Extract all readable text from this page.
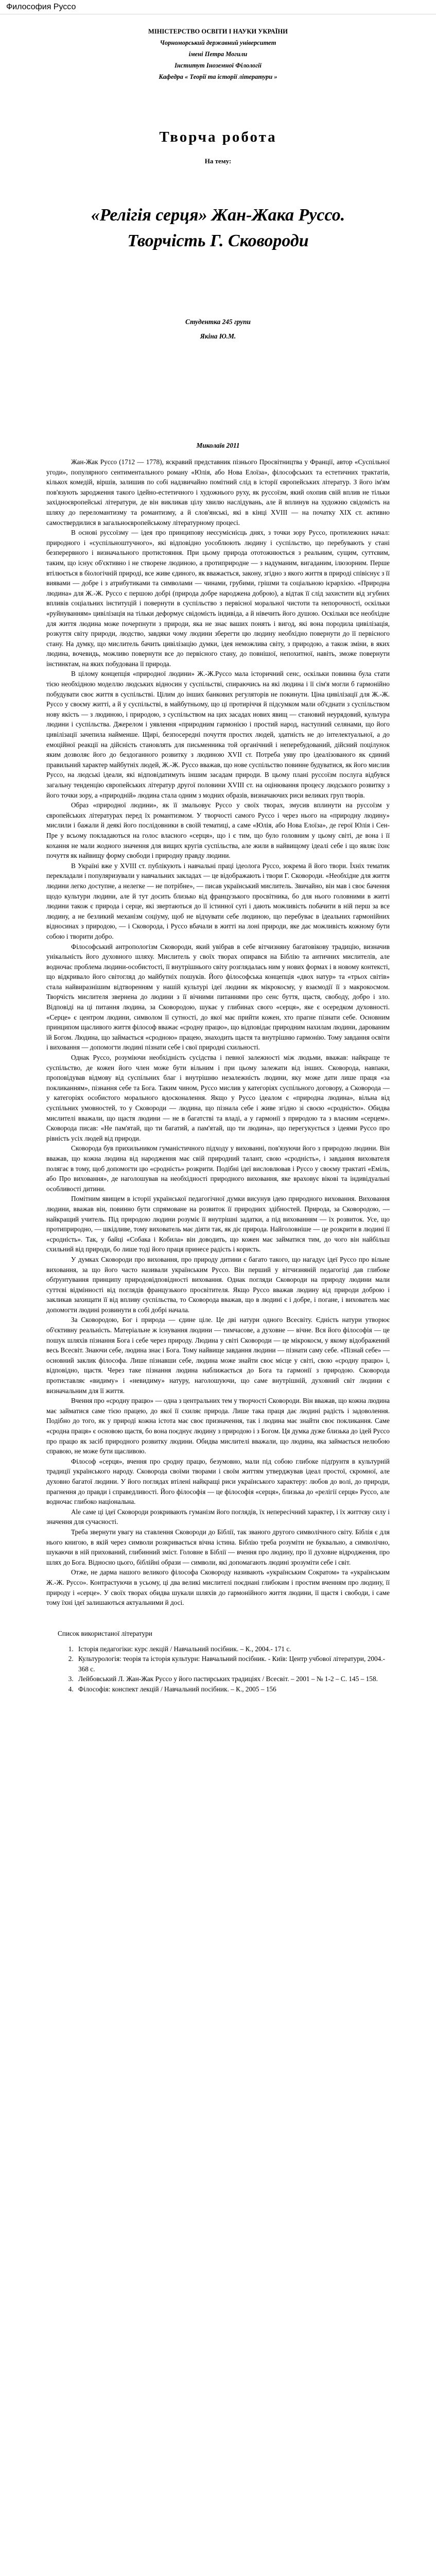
Философия Руссо
МІНІСТЕРСТВО ОСВІТИ І НАУКИ УКРАЇНИ
Чорноморський державний університет
імені Петра Могили
Інститут Іноземної Філології
Кафедра « Теорії та історії літератури »
Творча робота
На тему:
«Релігія серця» Жан-Жака Руссо.
Творчість Г. Сковороди
Студентка 245 групи
Якіна Ю.М.
Миколаїв 2011

Жан-Жак Руссо (1712 — 1778), яскравий представник пізнього Просвітництва у Франції, автор «Суспільної угоди», популярного сентиментального роману «Юлія, або Нова Елоїза», філософських та естетичних трактатів, кількох комедій, віршів, залишив по собі надзвичайно помітний слід в історії європейських літератур. З його ім'ям пов'язують зародження такого ідейно-естетичного і художнього руху, як руссоїзм, який охопив свій вплив не тільки західноєвропейські літератури, де він викликав цілу хвилю наслідувань, але й вплинув на художню свідомість на шляху до переломантизму та романтизму, а й слов'янські, які в кінці XVIII — на початку XIX ст. активно самоствердилися в загальноєвропейському літературному процесі.

В основі руссоїзму — ідея про принципову неєсуміснісць днях, з точки зору Руссо, протилежних начал: природного і «суспільноштучного», які відповідно уособлюють людину і суспільство, що перебувають у стані безперервного і визначального протистояння. При цьому природа ототожнюється з реальним, сущим, суттєвим, таким, що існує об'єктивно і не створене людиною, а протиприродне — з надуманим, вигаданим, ілюзорним. Перше втілюється в біологічній природі, все живе єдиного, як вважається, закону, згідно з якого життя в природі співіснує з її виявами — добре і з атрибутиками та символами — чинами, грубими, грішми та соціальною ієрархією. «Природна людина» для Ж.-Ж. Руссо є першою добрі (природа добре народжена доброю), а відтак її слід захистити від згубних впливів соціальних інституцій і повернути в суспільство з первісної моральної чистоти та непорочності, оскільки «руйнуванням» цивілізація на тільки деформує свідомість індивіда, а й нівечить його душою. Оскільки все необхідне для життя людина може почерпнути з природи, яка не знає ваших понять і вигод, які вона породила цивілізація, розкуття світу природи, людство, завдяки чому людини зберегти цю людину необхідно повернути до її первісного стану. На думку, що мислитель бачить цивілізацію думки, ідея неможлива світу, з природою, а також зміни, в яких людина, вочевидь, можливо повернути все до первісного стану, до повнішої, непохитної, навіть, зможе повернути інстинктам, на яких побудована її природа.

В цілому концепція «природної людини» Ж.-Ж.Руссо мала історичний сенс, оскільки повинна була стати тією необхідною моделлю людських відносин у суспільстві, спираючись на які людина і її сім'я могли б гармонійно побудувати своє життя в суспільстві. Цілим до інших банкових регуляторів не покинути. Ціна цивілізації для Ж.-Ж. Руссо у своєму житті, а й у суспільстві, в майбутньому, що ці протиріччя й підсумком мали об'єднати з суспільством нову якість — з людиною, і природою, з суспільством на цих засадах нових явищ — становий неурядовий, культура людини і суспільства. Джерелом і уявлення «природним гармонією і простий народ, наступний селянами, що його цивілізації зачепила найменше. Щирі, безпосередні почуття простих людей, здатність не до інтелектуальної, а до емоційної реакції на дійсність становлять для письменника той органічний і неперебудований, дійсний поцілунок яким дозволяє його до бездоганного розвитку з людиною ХVII ст. Потреба уяву про ідеалізованого як єдиний правильний характер майбутніх людей, Ж.-Ж. Руссо вважав, що нове суспільство повинне будуватися, як його мислив Руссо, на людські ідеали, які відповідатимуть іншим засадам природи. В цьому плані руссоїзм послуга відбувся загальну тенденцію європейських літератур другої половини ХVIII ст. на оцінювання процесу людського розвитку з його точки зору, а «природній» людина стала одним з модних образів, визначаючих риси великих груп творів.

Образ «природної людини», як її змальовує Руссо у своїх творах, змусив вплинути на руссоїзм у європейських літературах перед їх романтизмом. У творчості самого Руссо і через нього на «природну людину» мислили і бажали й деякі його послідовники в своїй тематиці, а саме «Юлія, або Нова Елоїза», де герої Юлія і Сен-Пре у всьому покладаються на голос власного «серця», що і є тим, що було головним у цьому світі, де вона і її кохання не мали жодного значення для вищих кругів суспільства, але жили в найвищому ідеалі себе і що являє їхнє почуття як найвищу форму свободи і природну правду людини.

В Україні вже у XVIII ст. публікують і навчальні праці ідеолога Руссо, зокрема й його твори. Їхніх тематик перекладали і популяризували у навчальних закладах — це відображають і твори Г. Сковороди. «Необхідне для життя людини легко доступне, а нелегке — не потрібне», — писав український мислитель. Звичайно, він мав і своє бачення щодо культури людини, але й тут досить близько від французького просвітника, бо для нього головними в житті людини також є природа і серце, які звертаються до її істинної суті і дають можливість побачити в ній перш за все людину, а не безликий механізм соціуму, щоб не відчувати себе людиною, що перебуває в ідеальних гармонійних відносинах з природою, — і Сковорода, і Руссо вбачали в житті на лоні природи, яке дає можливість кожному бути собою і творити добро.

Філософський антропологізм Сковороди, який увібрав в себе вітчизняну багатовікову традицію, визначив унікальність його духовного шляху. Мислитель у своїх творах опирався на Біблію та античних мислителів, але водночас проблема людини-особистості, її внутрішнього світу розглядалась ним у нових формах і в новому контексті, що відкривало його світогляд до майбутніх пошуків. Його філософська концепція «двох натур» та «трьох світів» стала найвиразнішим відтворенням у нашій культурі ідеї людини як мікрокосму, у взаємодії її з макрокосмом. Творчість мислителя звернена до людини з її вічними питаннями про сенс буття, щастя, свободу, добро і зло. Відповіді на ці питання людина, за Сковородою, шукає у глибинах свого «серця», яке є осередком духовності. «Серце» є центром людини, символом її сутності, до якої має прийти кожен, хто прагне пізнати себе. Основним принципом щасливого життя філософ вважає «сродну працю», що відповідає природним нахилам людини, дарованим їй Богом. Людина, що займається «сродною» працею, знаходить щастя та внутрішню гармонію. Тому завдання освіти і виховання — допомогти людині пізнати себе і свої природні схильності.

Однак Руссо, розуміючи необхідність сусідства і певної залежності між людьми, вважав: найкраще те суспільство, де кожен його член може бути вільним і при цьому залежати від інших. Сковорода, навпаки, проповідував відмову від суспільних благ і внутрішню незалежність людини, яку може дати лише праця «за покликанням», пізнання себе та Бога. Таким чином, Руссо мислив у категоріях суспільного договору, а Сковорода — у категоріях особистого морального вдосконалення. Якщо у Руссо ідеалом є «природна людина», вільна від суспільних умовностей, то у Сковороди — людина, що пізнала себе і живе згідно зі своєю «сродністю». Обидва мислителі вважали, що щастя людини — не в багатстві та владі, а у гармонії з природою та з власним «серцем». Сковорода писав: «Не пам'ятай, що ти багатий, а пам'ятай, що ти людина», що перегукується з ідеями Руссо про рівність усіх людей від природи.

Сковорода був прихильником гуманістичного підходу у вихованні, пов'язуючи його з природою людини. Він вважав, що кожна людина від народження має свій природний талант, свою «сродність», і завдання вихователя полягає в тому, щоб допомогти цю «сродність» розкрити. Подібні ідеї висловлював і Руссо у своєму трактаті «Еміль, або Про виховання», де наголошував на необхідності природного виховання, яке враховує вікові та індивідуальні особливості дитини.

Помітним явищем в історії української педагогічної думки висунув ідею природного виховання. Виховання людини, вважав він, повинно бути спрямоване на розвиток її природних здібностей. Природа, за Сковородою, — найкращий учитель. Під природою людини розуміє її внутрішні задатки, а під вихованням — їх розвиток. Усе, що протиприродно, — шкідливе, тому вихователь має діяти так, як діє природа. Найголовніше — це розкрити в людині її «сродність». Так, у байці «Собака і Кобила» він доводить, що кожен має займатися тим, до чого він найбільш схильний від природи, бо лише тоді його праця принесе радість і користь.

У думках Сковороди про виховання, про природу дитини є багато такого, що нагадує ідеї Руссо про вільне виховання, за що його часто називали українським Руссо. Він перший у вітчизняній педагогіці дав глибоке обґрунтування принципу природовідповідності виховання. Однак погляди Сковороди на природу людини мали суттєві відмінності від поглядів французького просвітителя. Якщо Руссо вважав людину від природи доброю і закликав захищати її від впливу суспільства, то Сковорода вважав, що в людині є і добре, і погане, і вихователь має допомогти людині розвинути в собі добрі начала.

За Сковородою, Бог і природа — єдине ціле. Це дві натури одного Всесвіту. Єдність натури утворює об'єктивну реальність. Матеріальне ж існування людини — тимчасове, а духовне — вічне. Вся його філософія — це пошук шляхів пізнання Бога і себе через природу. Людина у світі Сковороди — це мікрокосм, у якому відображений весь Всесвіт. Знаючи себе, людина знає і Бога. Тому найвище завдання людини — пізнати саму себе. «Пізнай себе» — основний заклик філософа. Лише пізнавши себе, людина може знайти своє місце у світі, свою «сродну працю» і, відповідно, щастя. Через таке пізнання людина наближається до Бога та гармонії з природою. Сковорода протиставляє «видиму» і «невидиму» натуру, наголошуючи, що саме внутрішній, духовний світ людини є визначальним для її життя.

Вчення про «сродну працю» — одна з центральних тем у творчості Сковороди. Він вважав, що кожна людина має займатися саме тією працею, до якої її схиляє природа. Лише така праця дає людині радість і задоволення. Подібно до того, як у природі кожна істота має своє призначення, так і людина має знайти своє покликання. Саме «сродна праця» є основою щастя, бо вона поєднує людину з природою і з Богом. Ця думка дуже близька до ідей Руссо про працю як засіб природного розвитку людини. Обидва мислителі вважали, що людина, яка займається нелюбою справою, не може бути щасливою.

Філософ «серця», вчення про сродну працю, безумовно, мали під собою глибоке підґрунтя в культурній традиції українського народу. Сковорода своїми творами і своїм життям утверджував ідеал простої, скромної, але духовно багатої людини. У його поглядах втілені найкращі риси українського характеру: любов до волі, до природи, прагнення до правди і справедливості. Його філософія — це філософія «серця», близька до «релігії серця» Руссо, але водночас глибоко національна.

Ale саме ці ідеї Сковороди розкривають гуманізм його поглядів, їх непересічний характер, і їх життєву силу і значення для сучасності.

Треба звернути увагу на ставлення Сковороди до Біблії, так званого другого символічного світу. Біблія є для нього книгою, в якій через символи розкривається вічна істина. Біблію треба розуміти не буквально, а символічно, шукаючи в ній прихований, глибинний зміст. Головне в Біблії — вчення про людину, про її духовне відродження, про шлях до Бога. Відносно цього, біблійні образи — символи, які допомагають людині зрозуміти себе і світ.

Отже, не дарма нашого великого філософа Сковороду називають «українським Сократом» та «українським Ж.-Ж. Руссо». Контрастуючи в усьому, ці два великі мислителі поєднані глибоким і простим вченням про людину, її природу і «серце». У своїх творах обидва шукали шляхів до гармонійного життя людини, її щастя і свободи, і саме тому їхні ідеї залишаються актуальними й досі.

Список використаної літератури
1. Історія педагогіки: курс лекцій / Навчальний посібник. – К., 2004.- 171 с.
2. Культурологія: теорія та історія культури: Навчальний посібник. - Київ: Центр учбової літератури, 2004.- 368 с.
3. Лейбовський Л. Жан-Жак Руссо у його пастирських традиціях / Всесвіт. – 2001 – № 1-2 – С. 145 – 158.
4. Філософія: конспект лекцій / Навчальний посібник. – К., 2005 – 156
